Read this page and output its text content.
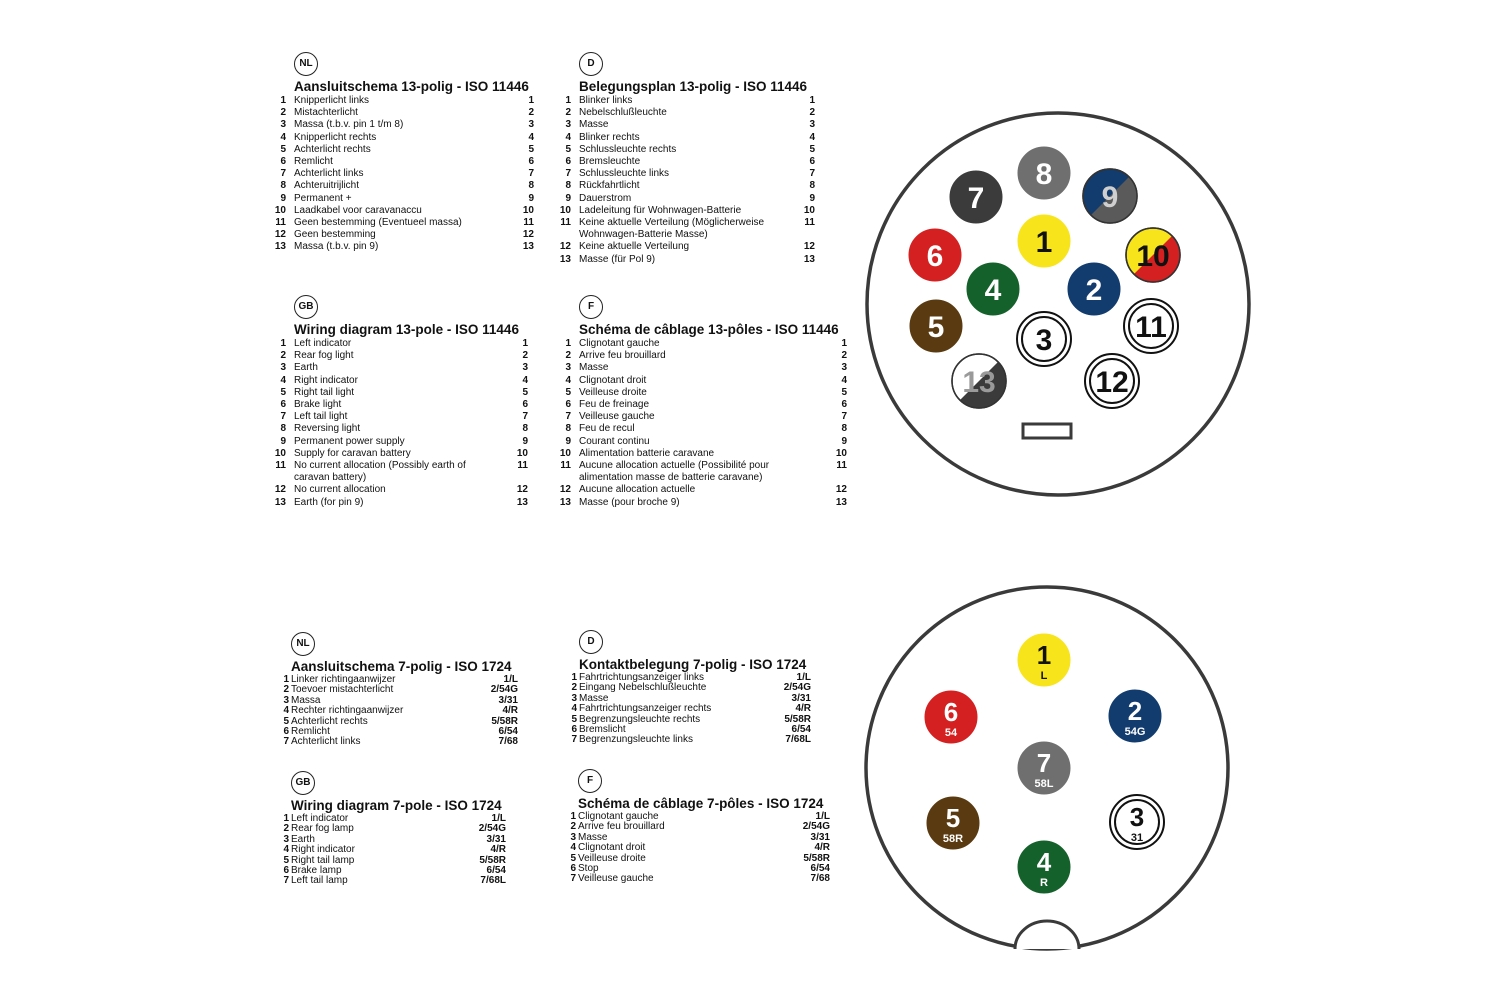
NL
Aansluitschema 13-polig - ISO 11446
1 Knipperlicht links	1
2 Mistachterlicht	2
3 Massa (t.b.v. pin 1 t/m 8)	3
4 Knipperlicht rechts	4
5 Achterlicht rechts	5
6 Remlicht	6
7 Achterlicht links	7
8 Achteruitrijlicht	8
9 Permanent +	9
10 Laadkabel voor caravanaccu	10
11 Geen bestemming (Eventueel massa)	11
12 Geen bestemming	12
13 Massa (t.b.v. pin 9)	13
D
Belegungsplan 13-polig - ISO 11446
1 Blinker links	1
2 Nebelschlußleuchte	2
3 Masse	3
4 Blinker rechts	4
5 Schlussleuchte rechts	5
6 Bremsleuchte	6
7 Schlussleuchte links	7
8 Rückfahrtlicht	8
9 Dauerstrom	9
10 Ladeleitung für Wohnwagen-Batterie	10
11 Keine aktuelle Verteilung (Möglicherweise	11
Wohnwagen-Batterie Masse)
12 Keine aktuelle Verteilung	12
13 Masse (für Pol 9)	13
GB
Wiring diagram 13-pole - ISO 11446
1 Left indicator	1
2 Rear fog light	2
3 Earth	3
4 Right indicator	4
5 Right tail light	5
6 Brake light	6
7 Left tail light	7
8 Reversing light	8
9 Permanent power supply	9
10 Supply for caravan battery	10
11 No current allocation (Possibly earth of	11
caravan battery)
12 No current allocation	12
13 Earth (for pin 9)	13
F
Schéma de câblage 13-pôles - ISO 11446
1 Clignotant gauche	1
2 Arrive feu brouillard	2
3 Masse	3
4 Clignotant droit	4
5 Veilleuse droite	5
6 Feu de freinage	6
7 Veilleuse gauche	7
8 Feu de recul	8
9 Courant continu	9
10 Alimentation batterie caravane	10
11 Aucune allocation actuelle (Possibilité pour	11
alimentation masse de batterie caravane)
12 Aucune allocation actuelle	12
13 Masse (pour broche 9)	13
NL
Aansluitschema 7-polig - ISO 1724
1 Linker richtingaanwijzer	1/L
2 Toevoer mistachterlicht	2/54G
3 Massa	3/31
4 Rechter richtingaanwijzer	4/R
5 Achterlicht rechts	5/58R
6 Remlicht	6/54
7 Achterlicht links	7/68
D
Kontaktbelegung 7-polig - ISO 1724
1 Fahrtrichtungsanzeiger links	1/L
2 Eingang Nebelschlußleuchte	2/54G
3 Masse	3/31
4 Fahrtrichtungsanzeiger rechts	4/R
5 Begrenzungsleuchte rechts	5/58R
6 Bremslicht	6/54
7 Begrenzungsleuchte links	7/68L
GB
Wiring diagram 7-pole - ISO 1724
1 Left indicator	1/L
2 Rear fog lamp	2/54G
3 Earth	3/31
4 Right indicator	4/R
5 Right tail lamp	5/58R
6 Brake lamp	6/54
7 Left tail lamp	7/68L
F
Schéma de câblage 7-pôles - ISO 1724
1 Clignotant gauche	1/L
2 Arrive feu brouillard	2/54G
3 Masse	3/31
4 Clignotant droit	4/R
5 Veilleuse droite	5/58R
6 Stop	6/54
7 Veilleuse gauche	7/68
1
2
3
4
5
6
7
8
9
10
11
12
13
1
L
2
54G
3
31
4
R
5
58R
6
54
7
58L
